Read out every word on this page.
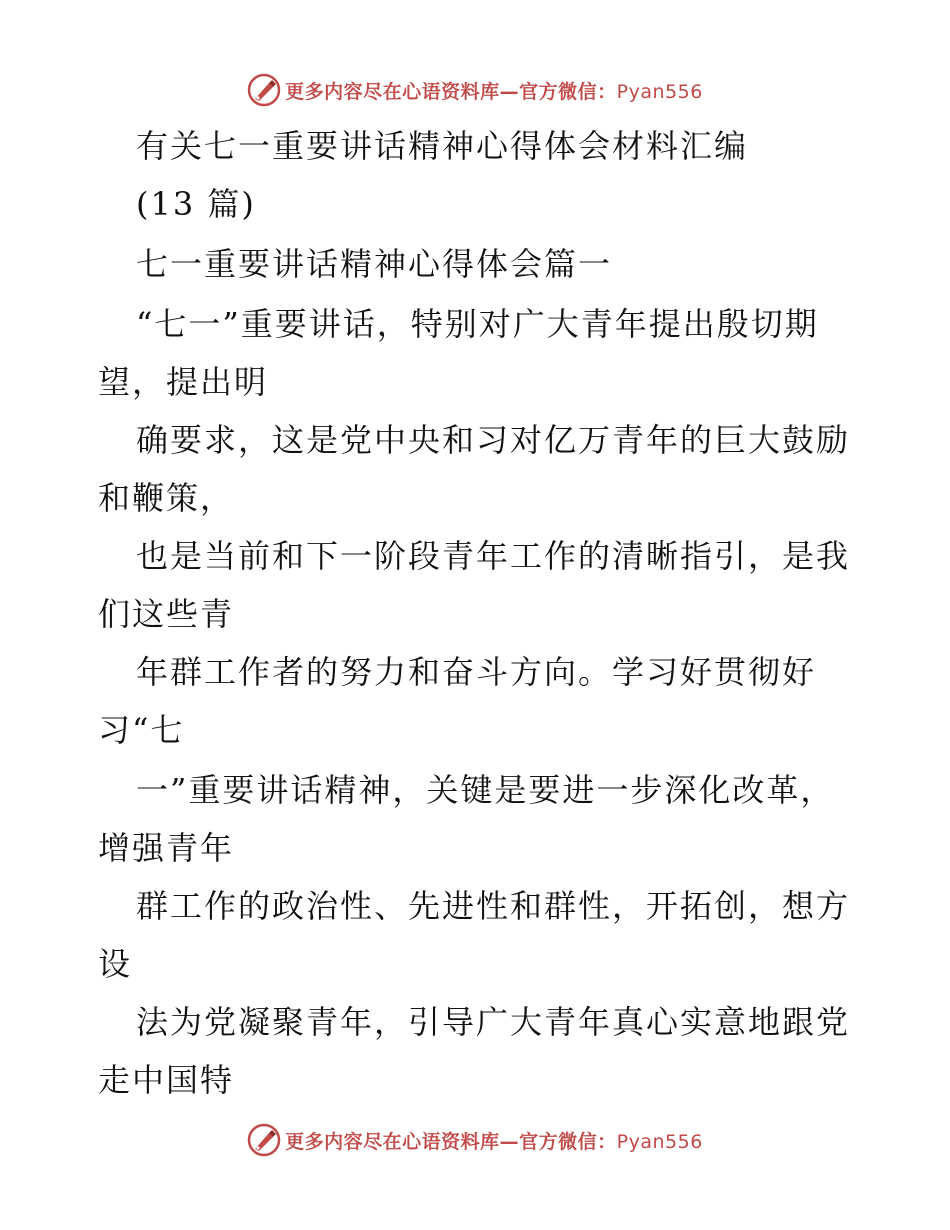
更多内容尽在心语资料库—官方微信：Pyan556
有关七一重要讲话精神心得体会材料汇编
(13 篇)
七一重要讲话精神心得体会篇一
“七一”重要讲话，特别对广大青年提出殷切期
望，提出明
确要求，这是党中央和习对亿万青年的巨大鼓励
和鞭策，
也是当前和下一阶段青年工作的清晰指引，是我
们这些青
年群工作者的努力和奋斗方向。学习好贯彻好
习“七
一”重要讲话精神，关键是要进一步深化改革，
增强青年
群工作的政治性、先进性和群性，开拓创，想方
设
法为党凝聚青年，引导广大青年真心实意地跟党
走中国特
更多内容尽在心语资料库—官方微信：Pyan556
